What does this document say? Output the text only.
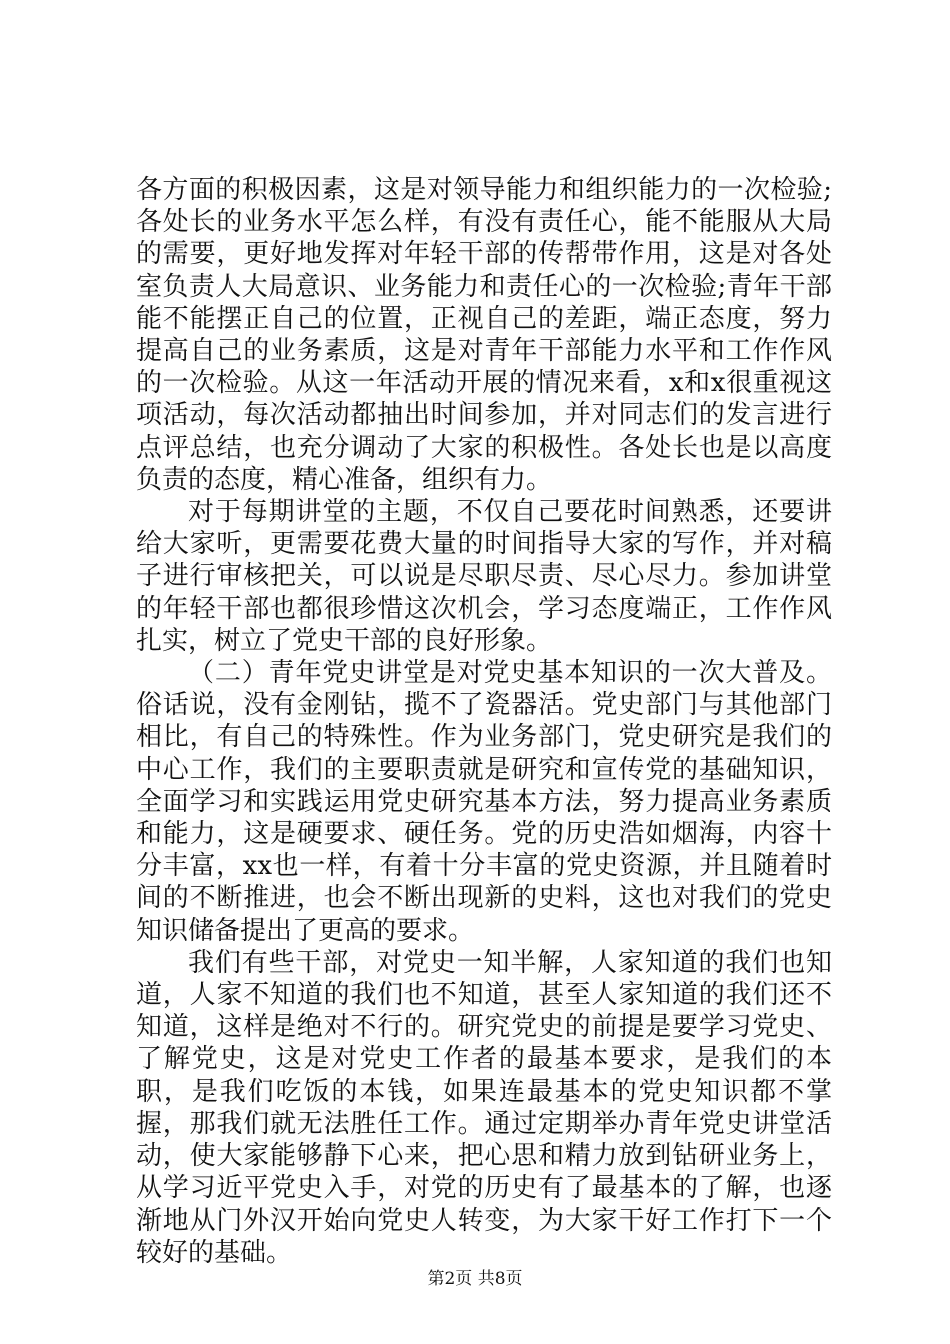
各方面的积极因素，这是对领导能力和组织能力的一次检验;各处长的业务水平怎么样，有没有责任心，能不能服从大局的需要，更好地发挥对年轻干部的传帮带作用，这是对各处室负责人大局意识、业务能力和责任心的一次检验;青年干部能不能摆正自己的位置，正视自己的差距，端正态度，努力提高自己的业务素质，这是对青年干部能力水平和工作作风的一次检验。从这一年活动开展的情况来看，x和x很重视这项活动，每次活动都抽出时间参加，并对同志们的发言进行点评总结，也充分调动了大家的积极性。各处长也是以高度负责的态度，精心准备，组织有力。

对于每期讲堂的主题，不仅自己要花时间熟悉，还要讲给大家听，更需要花费大量的时间指导大家的写作，并对稿子进行审核把关，可以说是尽职尽责、尽心尽力。参加讲堂的年轻干部也都很珍惜这次机会，学习态度端正，工作作风扎实，树立了党史干部的良好形象。

（二）青年党史讲堂是对党史基本知识的一次大普及。俗话说，没有金刚钻，揽不了瓷器活。党史部门与其他部门相比，有自己的特殊性。作为业务部门，党史研究是我们的中心工作，我们的主要职责就是研究和宣传党的基础知识，全面学习和实践运用党史研究基本方法，努力提高业务素质和能力，这是硬要求、硬任务。党的历史浩如烟海，内容十分丰富，xx也一样，有着十分丰富的党史资源，并且随着时间的不断推进，也会不断出现新的史料，这也对我们的党史知识储备提出了更高的要求。

我们有些干部，对党史一知半解，人家知道的我们也知道，人家不知道的我们也不知道，甚至人家知道的我们还不知道，这样是绝对不行的。研究党史的前提是要学习党史、了解党史，这是对党史工作者的最基本要求，是我们的本职，是我们吃饭的本钱，如果连最基本的党史知识都不掌握，那我们就无法胜任工作。通过定期举办青年党史讲堂活动，使大家能够静下心来，把心思和精力放到钻研业务上，从学习近平党史入手，对党的历史有了最基本的了解，也逐渐地从门外汉开始向党史人转变，为大家干好工作打下一个较好的基础。

第2页 共8页
